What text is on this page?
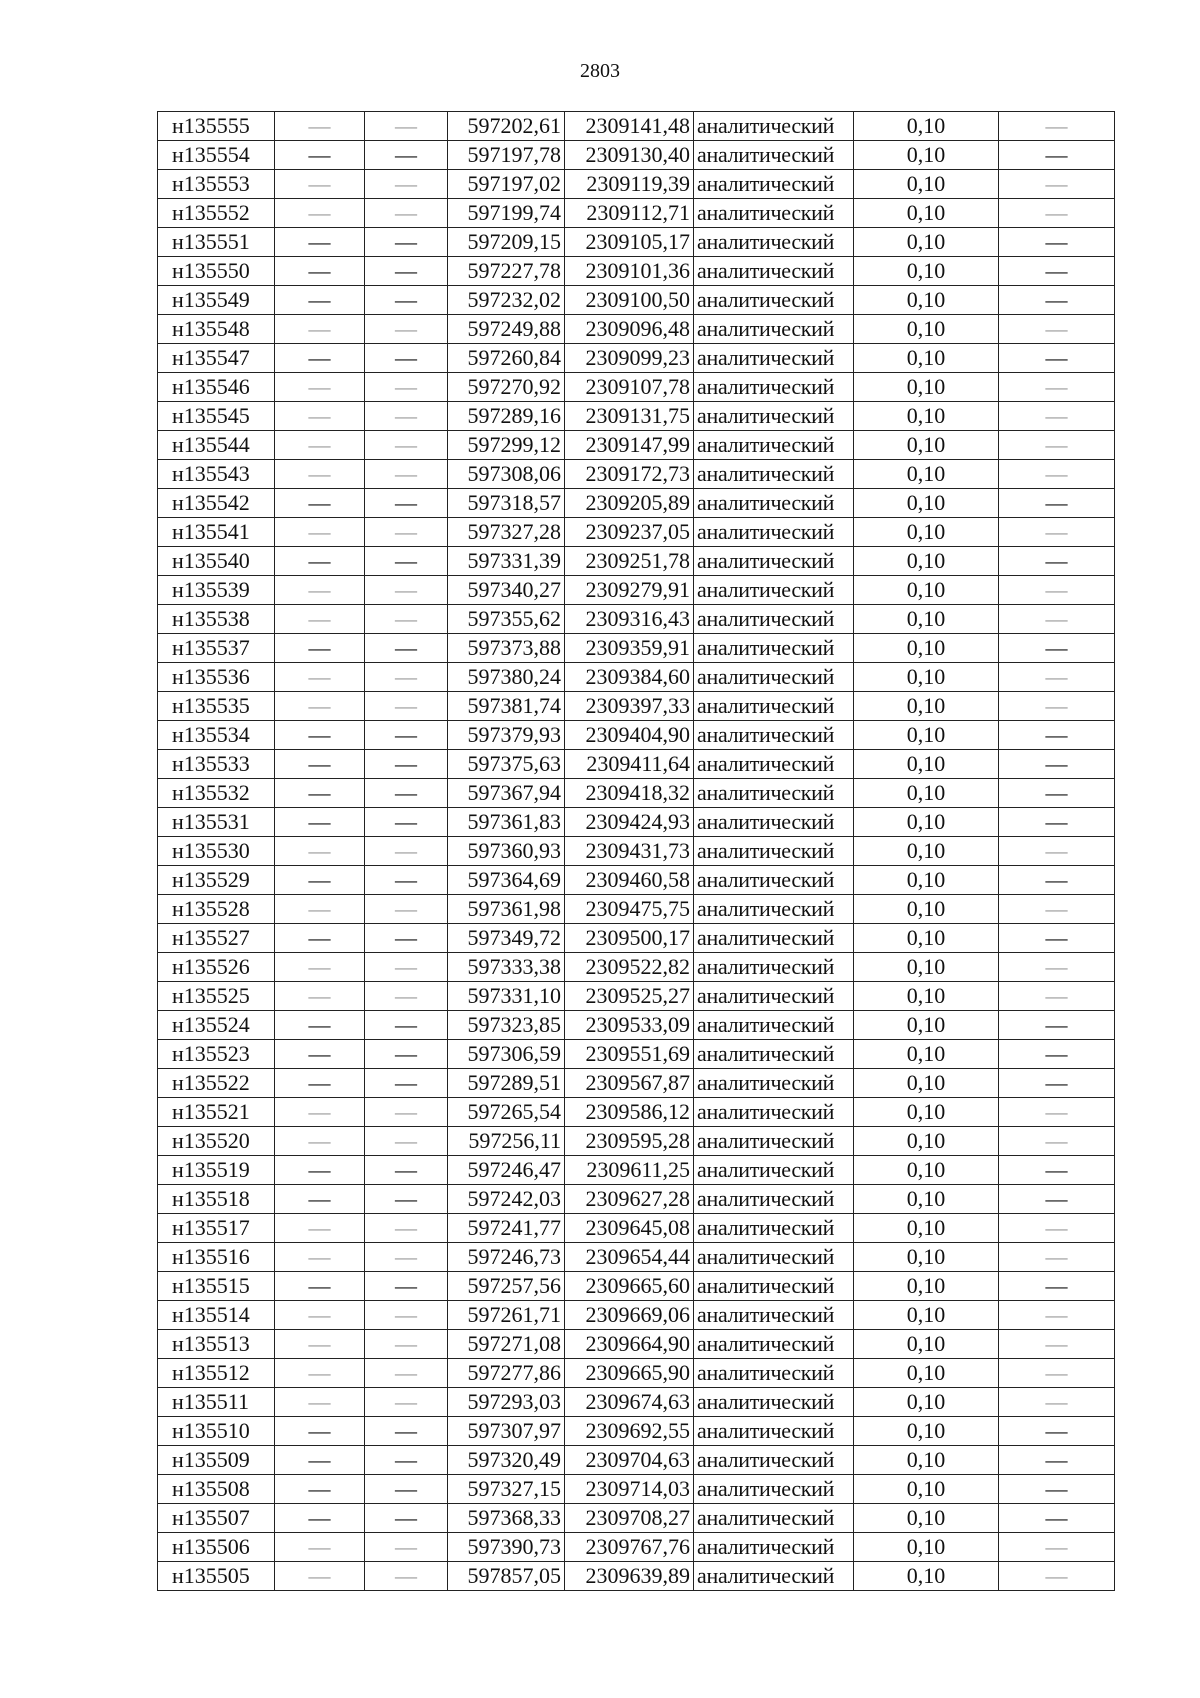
2803
н135555	—	—	597202,61	2309141,48	аналитический	0,10	—
н135554	—	—	597197,78	2309130,40	аналитический	0,10	—
н135553	—	—	597197,02	2309119,39	аналитический	0,10	—
н135552	—	—	597199,74	2309112,71	аналитический	0,10	—
н135551	—	—	597209,15	2309105,17	аналитический	0,10	—
н135550	—	—	597227,78	2309101,36	аналитический	0,10	—
н135549	—	—	597232,02	2309100,50	аналитический	0,10	—
н135548	—	—	597249,88	2309096,48	аналитический	0,10	—
н135547	—	—	597260,84	2309099,23	аналитический	0,10	—
н135546	—	—	597270,92	2309107,78	аналитический	0,10	—
н135545	—	—	597289,16	2309131,75	аналитический	0,10	—
н135544	—	—	597299,12	2309147,99	аналитический	0,10	—
н135543	—	—	597308,06	2309172,73	аналитический	0,10	—
н135542	—	—	597318,57	2309205,89	аналитический	0,10	—
н135541	—	—	597327,28	2309237,05	аналитический	0,10	—
н135540	—	—	597331,39	2309251,78	аналитический	0,10	—
н135539	—	—	597340,27	2309279,91	аналитический	0,10	—
н135538	—	—	597355,62	2309316,43	аналитический	0,10	—
н135537	—	—	597373,88	2309359,91	аналитический	0,10	—
н135536	—	—	597380,24	2309384,60	аналитический	0,10	—
н135535	—	—	597381,74	2309397,33	аналитический	0,10	—
н135534	—	—	597379,93	2309404,90	аналитический	0,10	—
н135533	—	—	597375,63	2309411,64	аналитический	0,10	—
н135532	—	—	597367,94	2309418,32	аналитический	0,10	—
н135531	—	—	597361,83	2309424,93	аналитический	0,10	—
н135530	—	—	597360,93	2309431,73	аналитический	0,10	—
н135529	—	—	597364,69	2309460,58	аналитический	0,10	—
н135528	—	—	597361,98	2309475,75	аналитический	0,10	—
н135527	—	—	597349,72	2309500,17	аналитический	0,10	—
н135526	—	—	597333,38	2309522,82	аналитический	0,10	—
н135525	—	—	597331,10	2309525,27	аналитический	0,10	—
н135524	—	—	597323,85	2309533,09	аналитический	0,10	—
н135523	—	—	597306,59	2309551,69	аналитический	0,10	—
н135522	—	—	597289,51	2309567,87	аналитический	0,10	—
н135521	—	—	597265,54	2309586,12	аналитический	0,10	—
н135520	—	—	597256,11	2309595,28	аналитический	0,10	—
н135519	—	—	597246,47	2309611,25	аналитический	0,10	—
н135518	—	—	597242,03	2309627,28	аналитический	0,10	—
н135517	—	—	597241,77	2309645,08	аналитический	0,10	—
н135516	—	—	597246,73	2309654,44	аналитический	0,10	—
н135515	—	—	597257,56	2309665,60	аналитический	0,10	—
н135514	—	—	597261,71	2309669,06	аналитический	0,10	—
н135513	—	—	597271,08	2309664,90	аналитический	0,10	—
н135512	—	—	597277,86	2309665,90	аналитический	0,10	—
н135511	—	—	597293,03	2309674,63	аналитический	0,10	—
н135510	—	—	597307,97	2309692,55	аналитический	0,10	—
н135509	—	—	597320,49	2309704,63	аналитический	0,10	—
н135508	—	—	597327,15	2309714,03	аналитический	0,10	—
н135507	—	—	597368,33	2309708,27	аналитический	0,10	—
н135506	—	—	597390,73	2309767,76	аналитический	0,10	—
н135505	—	—	597857,05	2309639,89	аналитический	0,10	—
